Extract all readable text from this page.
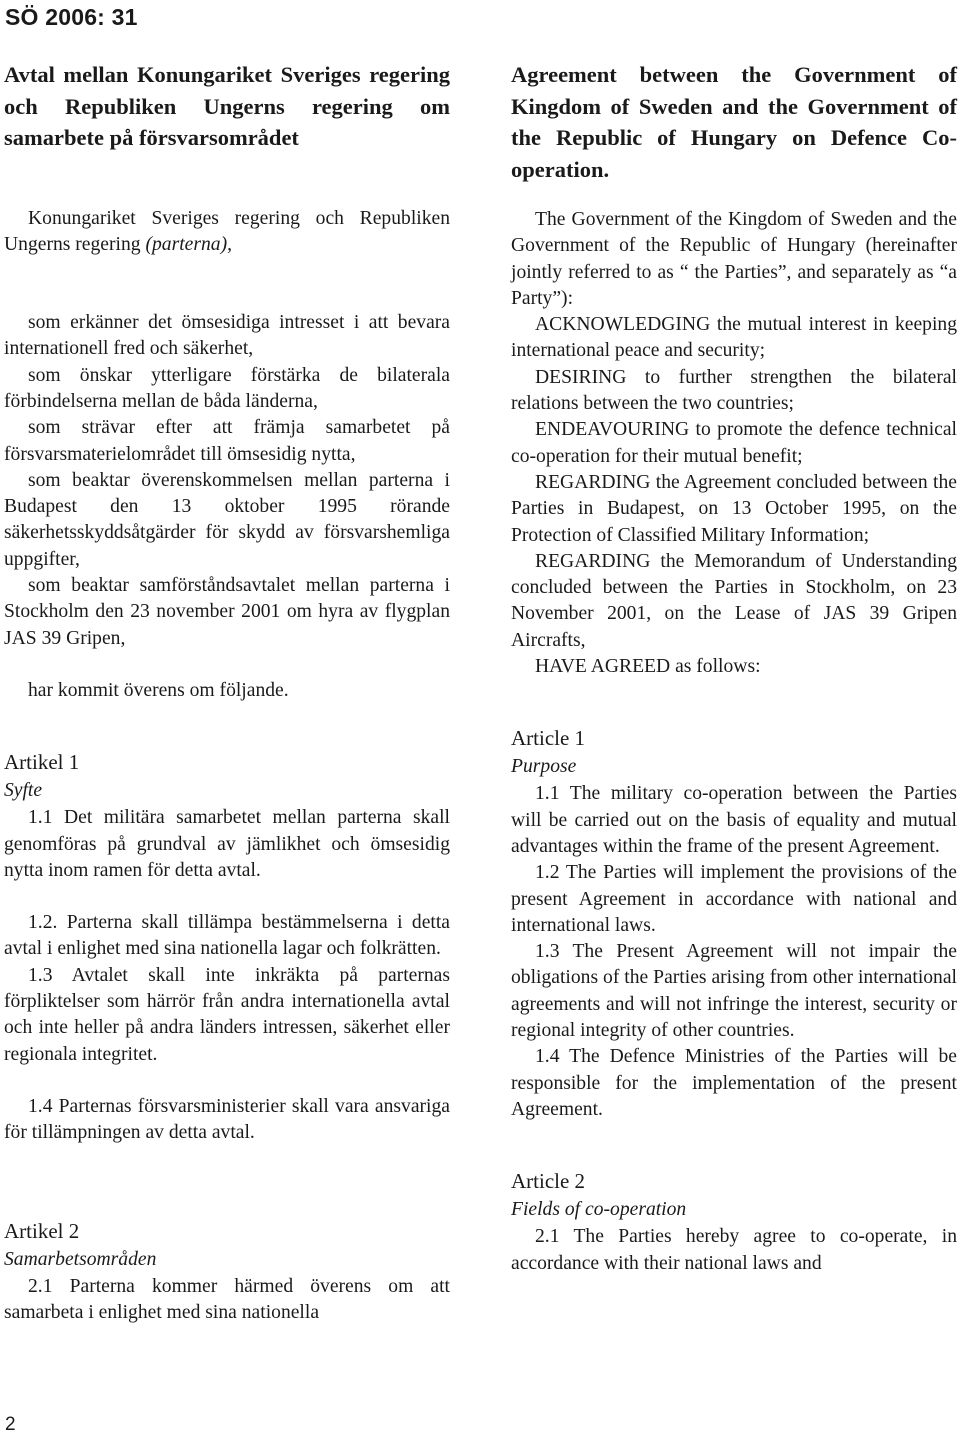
SÖ 2006: 31

Avtal mellan Konungariket Sveriges regering och Republiken Ungerns regering om samarbete på försvarsområdet

Konungariket Sveriges regering och Republiken Ungerns regering (parterna),

som erkänner det ömsesidiga intresset i att bevara internationell fred och säkerhet,

som önskar ytterligare förstärka de bilaterala förbindelserna mellan de båda länderna,

som strävar efter att främja samarbetet på försvarsmaterielområdet till ömsesidig nytta,

som beaktar överenskommelsen mellan parterna i Budapest den 13 oktober 1995 rörande säkerhetsskyddsåtgärder för skydd av försvarshemliga uppgifter,

som beaktar samförståndsavtalet mellan parterna i Stockholm den 23 november 2001 om hyra av flygplan JAS 39 Gripen,

har kommit överens om följande.

Artikel 1

Syfte

1.1 Det militära samarbetet mellan parterna skall genomföras på grundval av jämlikhet och ömsesidig nytta inom ramen för detta avtal.

1.2. Parterna skall tillämpa bestämmelserna i detta avtal i enlighet med sina nationella lagar och folkrätten.

1.3 Avtalet skall inte inkräkta på parternas förpliktelser som härrör från andra internationella avtal och inte heller på andra länders intressen, säkerhet eller regionala integritet.

1.4 Parternas försvarsministerier skall vara ansvariga för tillämpningen av detta avtal.

Artikel 2

Samarbetsområden

2.1 Parterna kommer härmed överens om att samarbeta i enlighet med sina nationella

Agreement between the Government of Kingdom of Sweden and the Government of the Republic of Hungary on Defence Co-operation.

The Government of the Kingdom of Sweden and the Government of the Republic of Hungary (hereinafter jointly referred to as “ the Parties”, and separately as “a Party”):

ACKNOWLEDGING the mutual interest in keeping international peace and security;

DESIRING to further strengthen the bilateral relations between the two countries;

ENDEAVOURING to promote the defence technical co-operation for their mutual benefit;

REGARDING the Agreement concluded between the Parties in Budapest, on 13 October 1995, on the Protection of Classified Military Information;

REGARDING the Memorandum of Understanding concluded between the Parties in Stockholm, on 23 November 2001, on the Lease of JAS 39 Gripen Aircrafts,

HAVE AGREED as follows:

Article 1

Purpose

1.1 The military co-operation between the Parties will be carried out on the basis of equality and mutual advantages within the frame of the present Agreement.

1.2 The Parties will implement the provisions of the present Agreement in accordance with national and international laws.

1.3 The Present Agreement will not impair the obligations of the Parties arising from other international agreements and will not infringe the interest, security or regional integrity of other countries.

1.4 The Defence Ministries of the Parties will be responsible for the implementation of the present Agreement.

Article 2

Fields of co-operation

2.1 The Parties hereby agree to co-operate, in accordance with their national laws and

2
